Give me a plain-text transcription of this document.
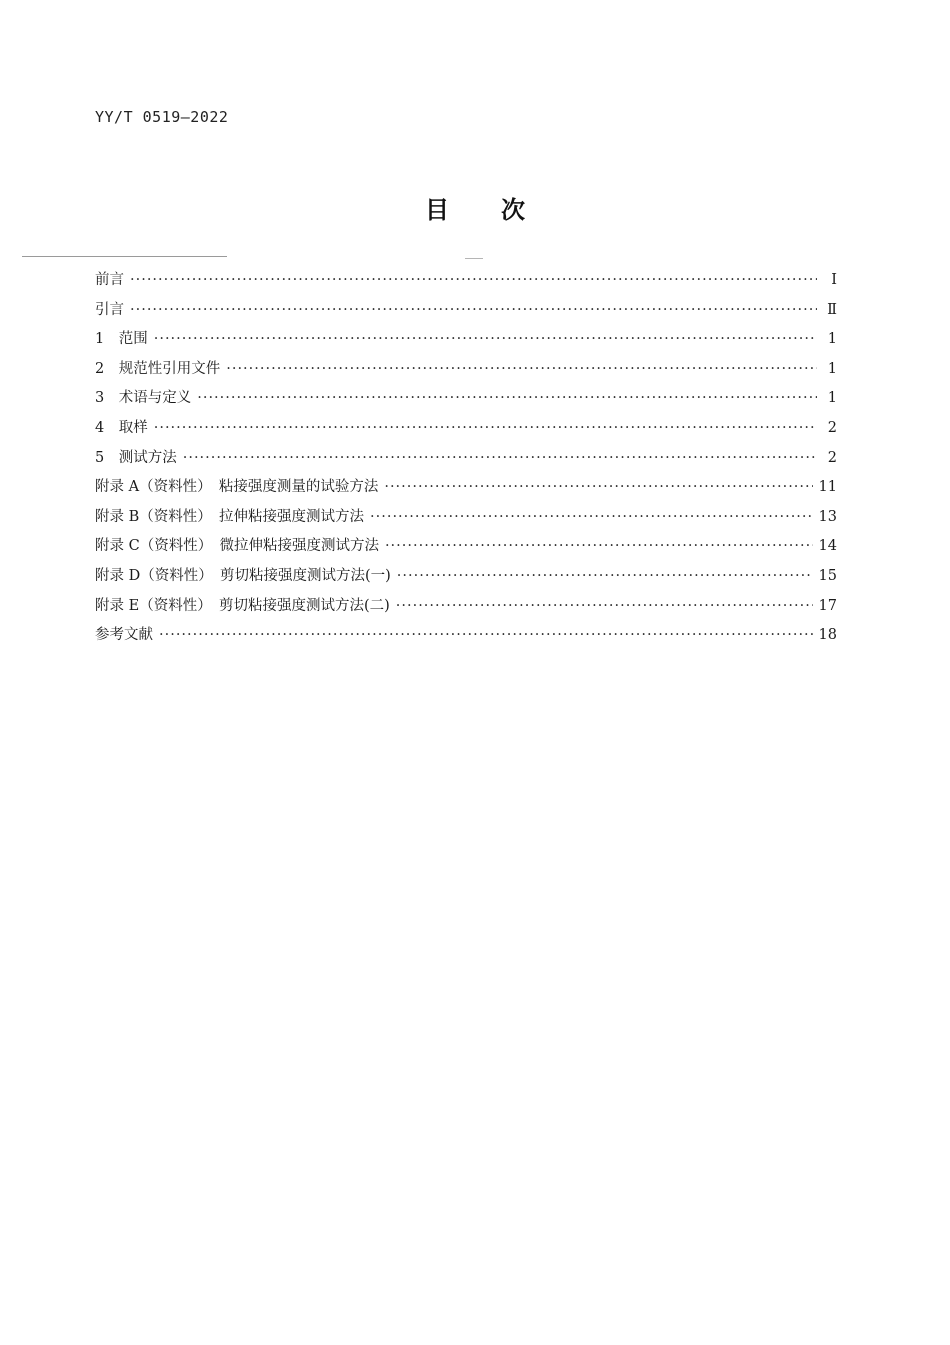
YY/T 0519—2022
目次
前言 ·····	Ⅰ
引言 ·····	Ⅱ
1　范围 ·····	1
2　规范性引用文件 ·····	1
3　术语与定义 ·····	1
4　取样 ·····	2
5　测试方法 ·····	2
附录 A（资料性）　粘接强度测量的试验方法 ·····	11
附录 B（资料性）　拉伸粘接强度测试方法 ·····	13
附录 C（资料性）　微拉伸粘接强度测试方法 ·····	14
附录 D（资料性）　剪切粘接强度测试方法(一) ·····	15
附录 E（资料性）　剪切粘接强度测试方法(二) ·····	17
参考文献 ·····	18
